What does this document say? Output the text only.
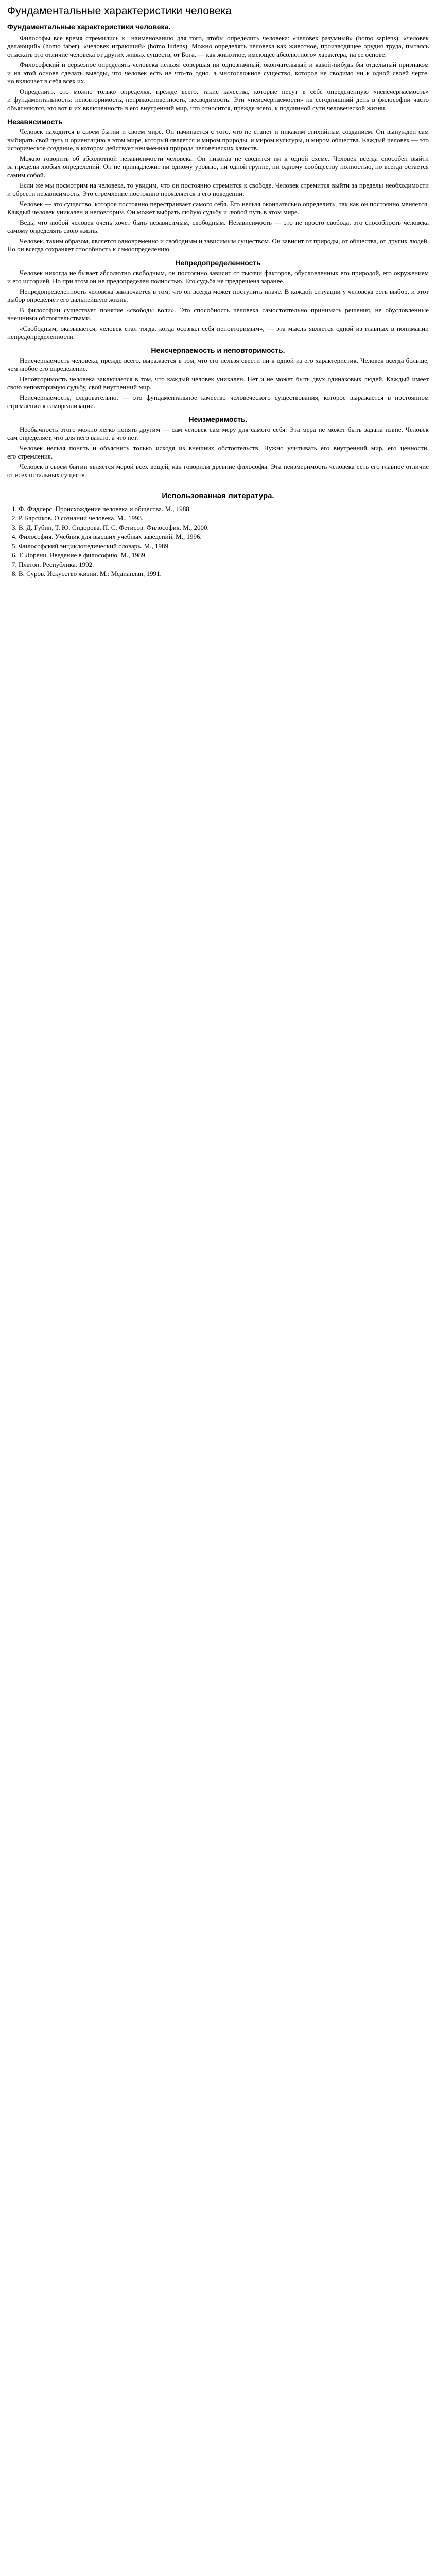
Фундаментальные характеристики человека
Фундаментальные характеристики человека.

Философы все время стремились к  наименованию для того, чтобы определить человека: «человек разумный» (homo sapiens), «человек делающий» (homo faber), «человек играющий» (homo ludens). Можно определять человека как животное, производящее орудия труда, пытаясь отыскать это отличие человека от других живых существ, от Бога, — как животное, имеющее абсолютного» характера, на ее основе.

Философский и серьезное определять человека нельзя: совершая ни однозначный, окончательный и какой-нибудь бы отдельный признаком и на этой основе сделать выводы, что человек есть не что-то одно, а многосложное существо, которое не сводимо ни к одной своей черте, но включает в себя всех их.

Определить, это можно только определяя, прежде всего, такие качества, которые несут в себе определенную «неисчерпаемость» и фундаментальность: неповторимость, неприкосновенность, несводимость. Эти «неисчерпаемости» на сегодняшний день в философии часто объясняются, это вот и их включенность в его внутренний мир, что относится, прежде всего, к подлинной сути человеческой жизни.

Независимость

Человек находится в своем бытии и своем мире. Он начинается с того, что не станет и никаким стихийным созданием. Он вынужден сам выбирать свой путь и ориентацию в этом мире, который является и миром природы, и миром культуры, и миром общества. Каждый человек — это историческое создание, в котором действует неизменная природа человеческих качеств.

Можно говорить об абсолютной независимости человека. Он никогда не сводится ни к одной схеме. Человек всегда способен выйти за пределы любых определений. Он не принадлежит ни одному уровню, ни одной группе, ни одному сообществу полностью, но всегда остается самим собой.

Если же мы посмотрим на человека, то увидим, что он постоянно стремится к свободе. Человек стремится выйти за пределы необходимости и обрести независимость. Это стремление постоянно проявляется в его поведении.

Человек — это существо, которое постоянно перестраивает самого себя. Его нельзя окончательно определить, так как он постоянно меняется. Каждый человек уникален и неповторим. Он может выбрать любую судьбу и любой путь в этом мире.

Ведь, что любой человек очень хочет быть независимым, свободным. Независимость — это не просто свобода, это способность человека самому определять свою жизнь.

Человек, таким образом, является одновременно и свободным и зависимым существом. Он зависит от природы, от общества, от других людей. Но он всегда сохраняет способность к самоопределению.

Непредопределенность

Человек никогда не бывает абсолютно свободным, он постоянно зависит от тысячи факторов, обусловленных его природой, его окружением и его историей. Но при этом он не предопределен полностью. Его судьба не предрешена заранее.

Непредопределенность человека заключается в том, что он всегда может поступить иначе. В каждой ситуации у человека есть выбор, и этот выбор определяет его дальнейшую жизнь.

В философии существует понятие «свободы воли». Это способность человека самостоятельно принимать решения, не обусловленные внешними обстоятельствами.

«Свободным, оказывается, человек стал тогда, когда осознал себя неповторимым», — эта мысль является одной из главных в понимании непредопределенности.

Неисчерпаемость и неповторимость.

Неисчерпаемость человека, прежде всего, выражается в том, что его нельзя свести ни к одной из его характеристик. Человек всегда больше, чем любое его определение.

Неповторимость человека заключается в том, что каждый человек уникален. Нет и не может быть двух одинаковых людей. Каждый имеет свою неповторимую судьбу, свой внутренний мир.

Неисчерпаемость, следовательно, — это фундаментальное качество человеческого существования, которое выражается в постоянном стремлении к самореализации.

Неизмеримость.

Необычность этого можно легко понять другим — сам человек сам меру для самого себя. Эта мера не может быть задана извне. Человек сам определяет, что для него важно, а что нет.

Человек нельзя понять и объяснить только исходя из внешних обстоятельств. Нужно учитывать его внутренний мир, его ценности, его стремления.

Человек в своем бытии является мерой всех вещей, как говорили древние философы. Эта неизмеримость человека есть его главное отличие от всех остальных существ.

Использованная литература.
1. Ф. Фидлерс. Происхождение человека и общества. М., 1988.
2. Р. Барсиков. О сознании человека. М., 1993.
3. В. Д. Губин, Т. Ю. Сидорова, П. С. Фетисов. Философия. М., 2000.
4. Философия. Учебник для высших учебных заведений. М., 1996.
5. Философский энциклопедический словарь. М., 1989.
6. Т. Лоренц. Введение в философию. М., 1989.
7. Платон. Республика. 1992.
8. В. Суров. Искусство жизни. М.: Медиаплан, 1991.
